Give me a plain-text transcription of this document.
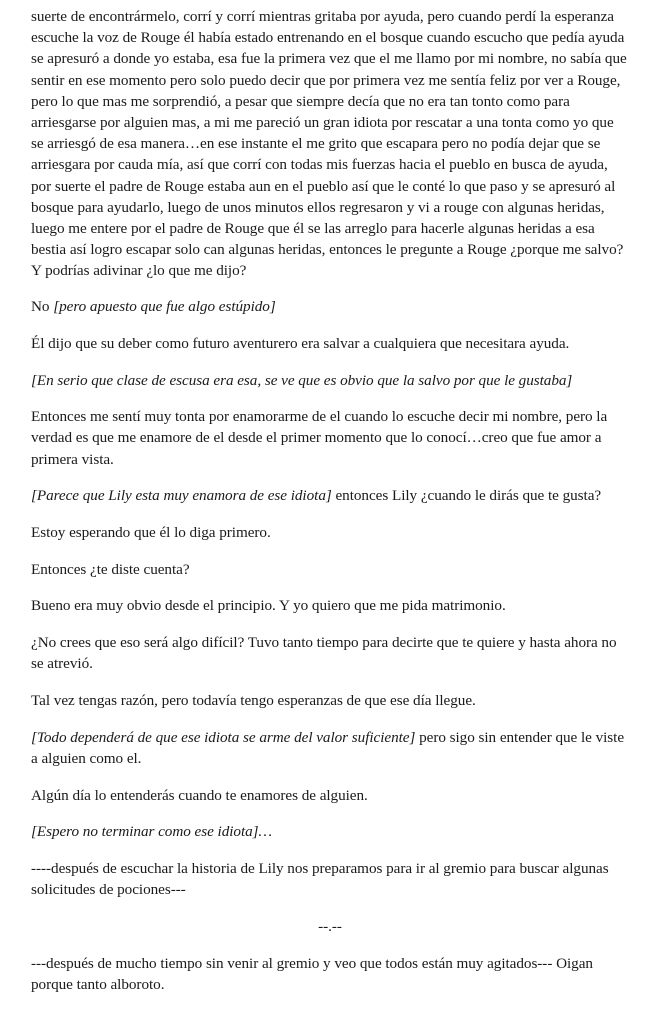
suerte de encontrármelo, corrí y corrí mientras gritaba por ayuda, pero cuando perdí la esperanza escuche la voz de Rouge él había estado entrenando en el bosque cuando escucho que pedía ayuda se apresuró a donde yo estaba, esa fue la primera vez que el me llamo por mi nombre, no sabía que sentir en ese momento pero solo puedo decir que por primera vez me sentía feliz por ver a Rouge, pero lo que mas me sorprendió, a pesar que siempre decía que no era tan tonto como para arriesgarse por alguien mas, a mi me pareció un gran idiota por rescatar a una tonta como yo que se arriesgó de esa manera…en ese instante el me grito que escapara pero no podía dejar que se arriesgara por cauda mía, así que corrí con todas mis fuerzas hacia el pueblo en busca de ayuda, por suerte el padre de Rouge estaba aun en el pueblo así que le conté lo que paso y se apresuró al bosque para ayudarlo, luego de unos minutos ellos regresaron y vi a rouge con algunas heridas, luego me entere por el padre de Rouge que él se las arreglo para hacerle algunas heridas a esa bestia así logro escapar solo can algunas heridas, entonces le pregunte a Rouge ¿porque me salvo? Y podrías adivinar ¿lo que me dijo?

No [pero apuesto que fue algo estúpido]

Él dijo que su deber como futuro aventurero era salvar a cualquiera que necesitara ayuda.

[En serio que clase de escusa era esa, se ve que es obvio que la salvo por que le gustaba]

Entonces me sentí muy tonta por enamorarme de el cuando lo escuche decir mi nombre, pero la verdad es que me enamore de el desde el primer momento que lo conocí…creo que fue amor a primera vista.

[Parece que Lily esta muy enamora de ese idiota] entonces Lily ¿cuando le dirás que te gusta?

Estoy esperando que él lo diga primero.

Entonces ¿te diste cuenta?

Bueno era muy obvio desde el principio. Y yo quiero que me pida matrimonio.

¿No crees que eso será algo difícil? Tuvo tanto tiempo para decirte que te quiere y hasta ahora no se atrevió.

Tal vez tengas razón, pero todavía tengo esperanzas de que ese día llegue.

[Todo dependerá de que ese idiota se arme del valor suficiente] pero sigo sin entender que le viste a alguien como el.

Algún día lo entenderás cuando te enamores de alguien.

[Espero no terminar como ese idiota]…

----después de escuchar la historia de Lily nos preparamos para ir al gremio para buscar algunas solicitudes de pociones---

--.--

---después de mucho tiempo sin venir al gremio y veo que todos están muy agitados--- Oigan porque tanto alboroto.
